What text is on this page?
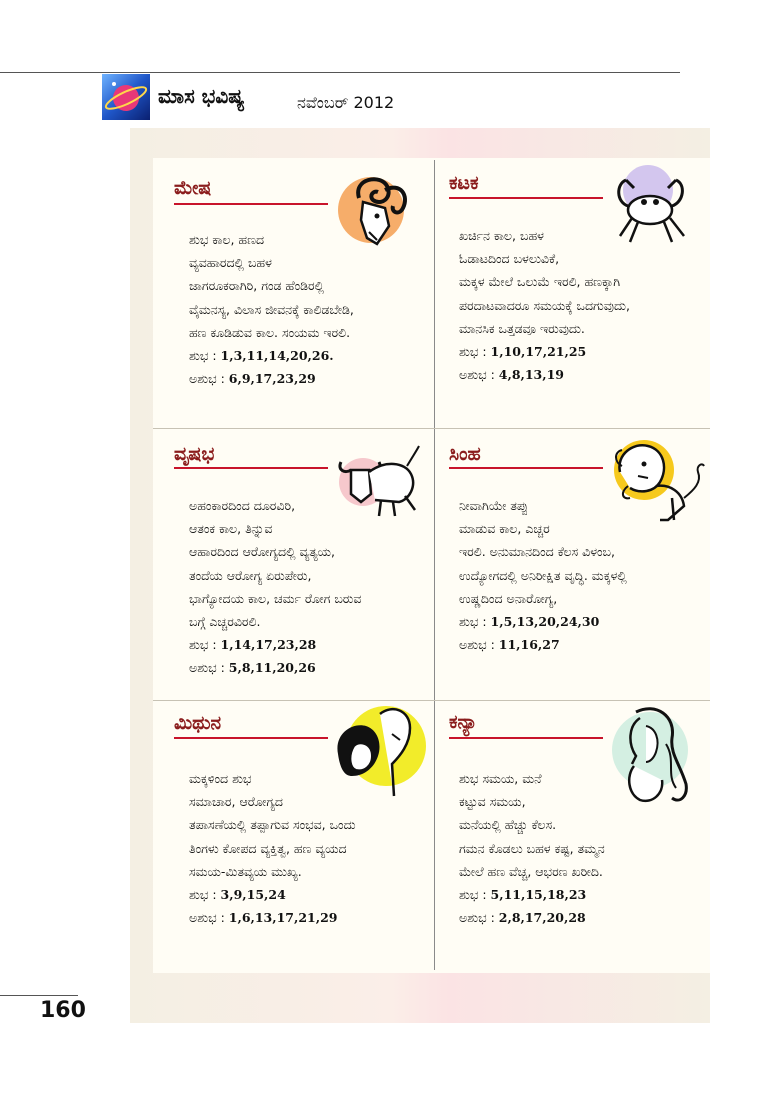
ಮಾಸ ಭವಿಷ್ಯ	ನವೆಂಬರ್ 2012
ಮೇಷ
ಶುಭ ಕಾಲ, ಹಣದ
ವ್ಯವಹಾರದಲ್ಲಿ ಬಹಳ
ಜಾಗರೂಕರಾಗಿರಿ, ಗಂಡ ಹೆಂಡಿರಲ್ಲಿ
ವೈಮನಸ್ಯ, ವಿಲಾಸ ಜೀವನಕ್ಕೆ ಕಾಲಿಡಬೇಡಿ,
ಹಣ ಕೂಡಿಡುವ ಕಾಲ. ಸಂಯಮ ಇರಲಿ.
ಶುಭ : 1,3,11,14,20,26.
ಅಶುಭ : 6,9,17,23,29
ಕಟಕ
ಖರ್ಚಿನ ಕಾಲ, ಬಹಳ
ಓಡಾಟದಿಂದ ಬಳಲುವಿಕೆ,
ಮಕ್ಕಳ ಮೇಲೆ ಒಲುಮೆ ಇರಲಿ, ಹಣಕ್ಕಾಗಿ
ಪರದಾಟವಾದರೂ ಸಮಯಕ್ಕೆ ಒದಗುವುದು,
ಮಾನಸಿಕ ಒತ್ತಡವೂ ಇರುವುದು.
ಶುಭ : 1,10,17,21,25
ಅಶುಭ : 4,8,13,19
ವೃಷಭ
ಅಹಂಕಾರದಿಂದ ದೂರವಿರಿ,
ಆತಂಕ ಕಾಲ, ತಿನ್ನುವ
ಆಹಾರದಿಂದ ಆರೋಗ್ಯದಲ್ಲಿ ವ್ಯತ್ಯಯ,
ತಂದೆಯ ಆರೋಗ್ಯ ಏರುಪೇರು,
ಭಾಗ್ಯೋದಯ ಕಾಲ, ಚರ್ಮ ರೋಗ ಬರುವ
ಬಗ್ಗೆ ಎಚ್ಚರವಿರಲಿ.
ಶುಭ : 1,14,17,23,28
ಅಶುಭ : 5,8,11,20,26
ಸಿಂಹ
ನೀವಾಗಿಯೇ ತಪ್ಪು
ಮಾಡುವ ಕಾಲ, ಎಚ್ಚರ
ಇರಲಿ. ಅನುಮಾನದಿಂದ ಕೆಲಸ ವಿಳಂಬ,
ಉದ್ಯೋಗದಲ್ಲಿ ಅನಿರೀಕ್ಷಿತ ವೃದ್ಧಿ. ಮಕ್ಕಳಲ್ಲಿ
ಉಷ್ಣದಿಂದ ಅನಾರೋಗ್ಯ,
ಶುಭ : 1,5,13,20,24,30
ಅಶುಭ : 11,16,27
ಮಿಥುನ
ಮಕ್ಕಳಿಂದ ಶುಭ
ಸಮಾಚಾರ, ಆರೋಗ್ಯದ
ತಪಾಸಣೆಯಲ್ಲಿ ತಪ್ಪಾಗುವ ಸಂಭವ, ಒಂದು
ತಿಂಗಳು ಕೋಪದ ವ್ಯಕ್ತಿತ್ವ, ಹಣ ವ್ಯಯದ
ಸಮಯ-ಮಿತವ್ಯಯ ಮುಖ್ಯ.
ಶುಭ : 3,9,15,24
ಅಶುಭ : 1,6,13,17,21,29
ಕನ್ಯಾ
ಶುಭ ಸಮಯ, ಮನೆ
ಕಟ್ಟುವ ಸಮಯ,
ಮನೆಯಲ್ಲಿ ಹೆಚ್ಚು ಕೆಲಸ.
ಗಮನ ಕೊಡಲು ಬಹಳ ಕಷ್ಟ, ತಮ್ಮನ
ಮೇಲೆ ಹಣ ವೆಚ್ಚ, ಆಭರಣ ಖರೀದಿ.
ಶುಭ : 5,11,15,18,23
ಅಶುಭ : 2,8,17,20,28
160
